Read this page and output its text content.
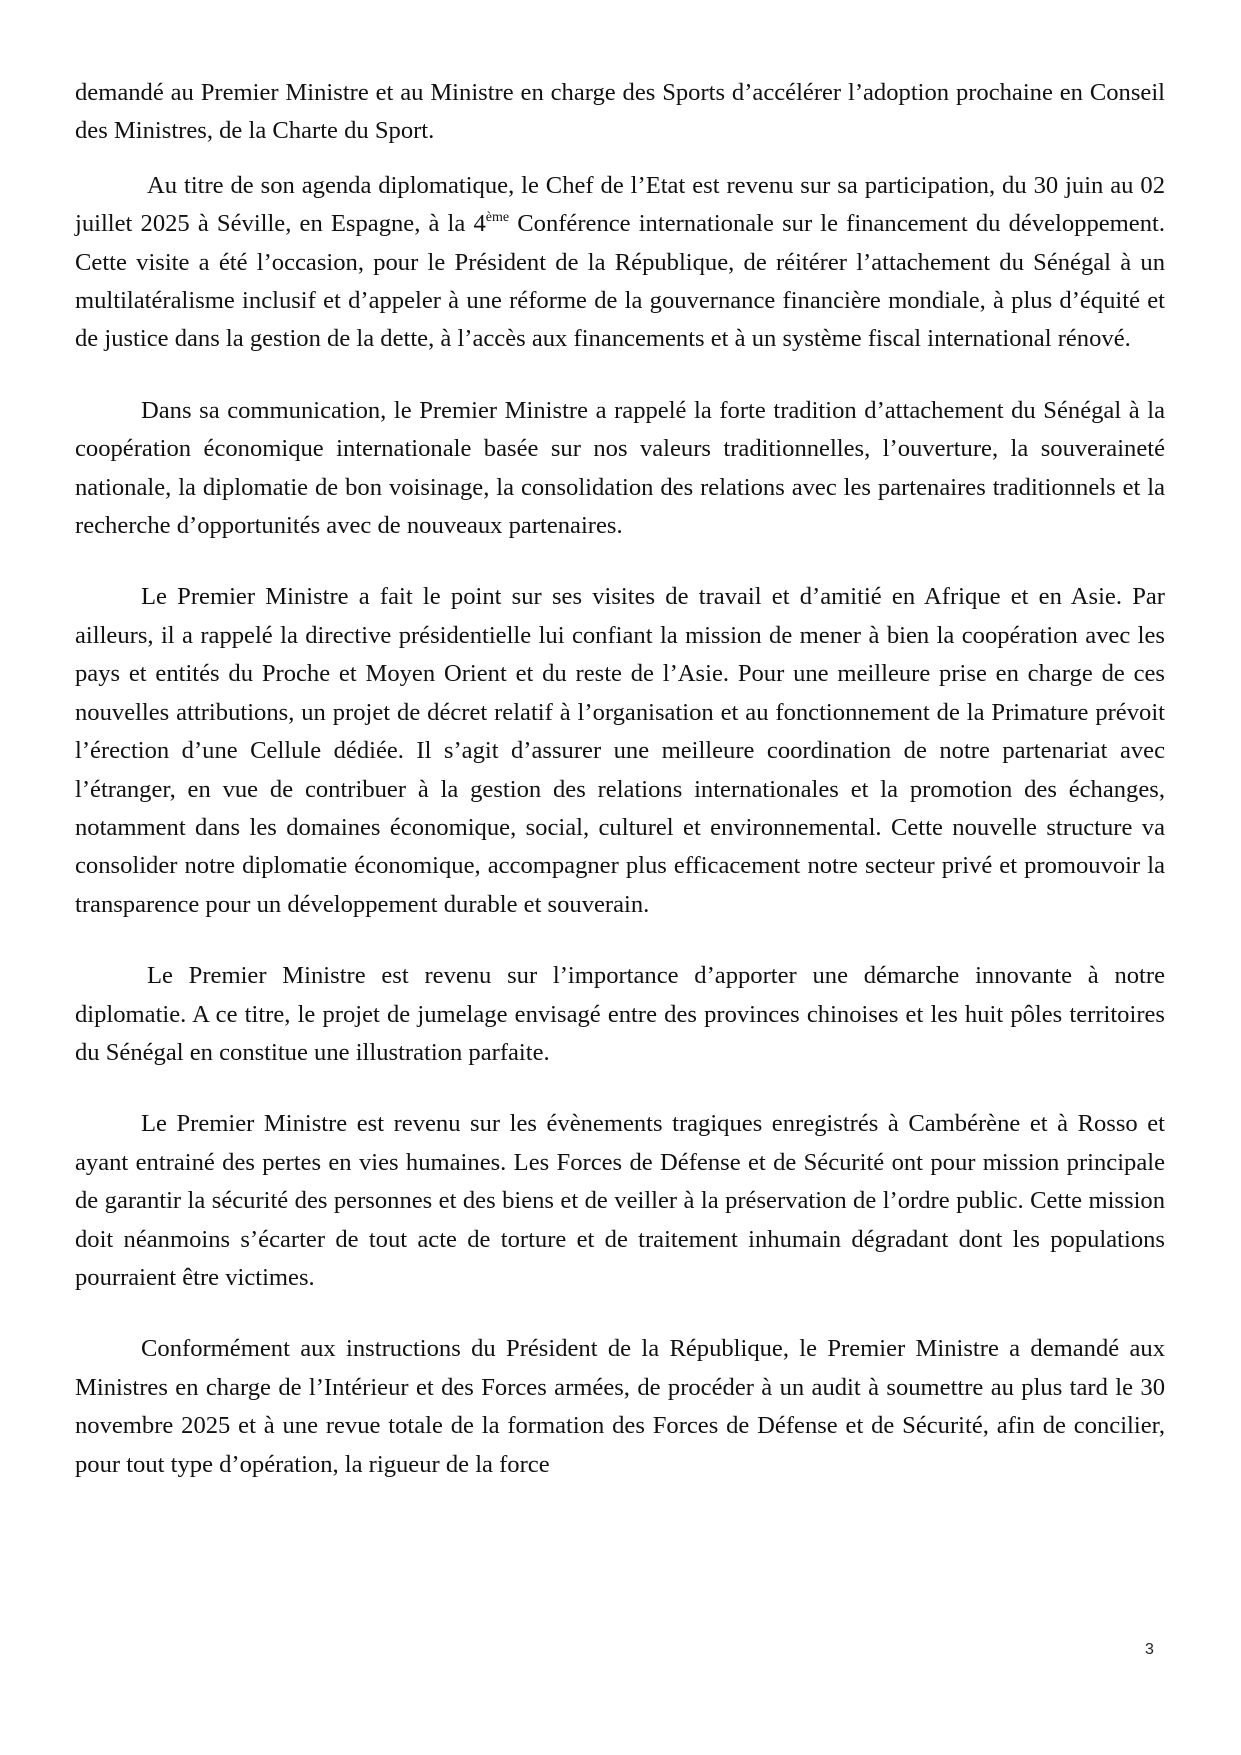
demandé au Premier Ministre et au Ministre en charge des Sports d’accélérer l’adoption prochaine en Conseil des Ministres, de la Charte du Sport.

Au titre de son agenda diplomatique, le Chef de l’Etat est revenu sur sa participation, du 30 juin au 02 juillet 2025 à Séville, en Espagne, à la 4ème Conférence internationale sur le financement du développement. Cette visite a été l’occasion, pour le Président de la République, de réitérer l’attachement du Sénégal à un multilatéralisme inclusif et d’appeler à une réforme de la gouvernance financière mondiale, à plus d’équité et de justice dans la gestion de la dette, à l’accès aux financements et à un système fiscal international rénové.

Dans sa communication, le Premier Ministre a rappelé la forte tradition d’attachement du Sénégal à la coopération économique internationale basée sur nos valeurs traditionnelles, l’ouverture, la souveraineté nationale, la diplomatie de bon voisinage, la consolidation des relations avec les partenaires traditionnels et la recherche d’opportunités avec de nouveaux partenaires.

Le Premier Ministre a fait le point sur ses visites de travail et d’amitié en Afrique et en Asie. Par ailleurs, il a rappelé la directive présidentielle lui confiant la mission de mener à bien la coopération avec les pays et entités du Proche et Moyen Orient et du reste de l’Asie. Pour une meilleure prise en charge de ces nouvelles attributions, un projet de décret relatif à l’organisation et au fonctionnement de la Primature prévoit l’érection d’une Cellule dédiée. Il s’agit d’assurer une meilleure coordination de notre partenariat avec l’étranger, en vue de contribuer à la gestion des relations internationales et la promotion des échanges, notamment dans les domaines économique, social, culturel et environnemental. Cette nouvelle structure va consolider notre diplomatie économique, accompagner plus efficacement notre secteur privé et promouvoir la transparence pour un développement durable et souverain.

Le Premier Ministre est revenu sur l’importance d’apporter une démarche innovante à notre diplomatie. A ce titre, le projet de jumelage envisagé entre des provinces chinoises et les huit pôles territoires du Sénégal en constitue une illustration parfaite.

Le Premier Ministre est revenu sur les évènements tragiques enregistrés à Cambérène et à Rosso et ayant entrainé des pertes en vies humaines. Les Forces de Défense et de Sécurité ont pour mission principale de garantir la sécurité des personnes et des biens et de veiller à la préservation de l’ordre public. Cette mission doit néanmoins s’écarter de tout acte de torture et de traitement inhumain dégradant dont les populations pourraient être victimes.

Conformément aux instructions du Président de la République, le Premier Ministre a demandé aux Ministres en charge de l’Intérieur et des Forces armées, de procéder à un audit à soumettre au plus tard le 30 novembre 2025 et à une revue totale de la formation des Forces de Défense et de Sécurité, afin de concilier, pour tout type d’opération, la rigueur de la force

3
